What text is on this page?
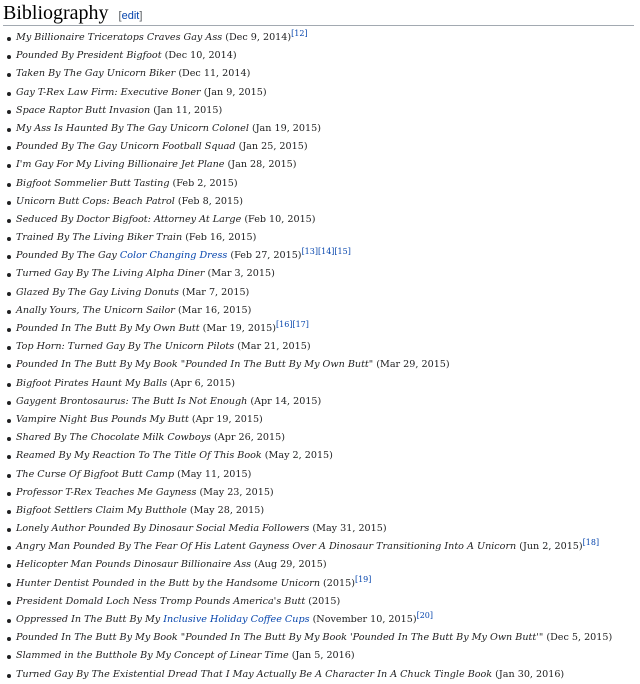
Bibliography [edit]
My Billionaire Triceratops Craves Gay Ass (Dec 9, 2014)[12]
Pounded By President Bigfoot (Dec 10, 2014)
Taken By The Gay Unicorn Biker (Dec 11, 2014)
Gay T-Rex Law Firm: Executive Boner (Jan 9, 2015)
Space Raptor Butt Invasion (Jan 11, 2015)
My Ass Is Haunted By The Gay Unicorn Colonel (Jan 19, 2015)
Pounded By The Gay Unicorn Football Squad (Jan 25, 2015)
I'm Gay For My Living Billionaire Jet Plane (Jan 28, 2015)
Bigfoot Sommelier Butt Tasting (Feb 2, 2015)
Unicorn Butt Cops: Beach Patrol (Feb 8, 2015)
Seduced By Doctor Bigfoot: Attorney At Large (Feb 10, 2015)
Trained By The Living Biker Train (Feb 16, 2015)
Pounded By The Gay Color Changing Dress (Feb 27, 2015)[13][14][15]
Turned Gay By The Living Alpha Diner (Mar 3, 2015)
Glazed By The Gay Living Donuts (Mar 7, 2015)
Anally Yours, The Unicorn Sailor (Mar 16, 2015)
Pounded In The Butt By My Own Butt (Mar 19, 2015)[16][17]
Top Horn: Turned Gay By The Unicorn Pilots (Mar 21, 2015)
Pounded In The Butt By My Book "Pounded In The Butt By My Own Butt" (Mar 29, 2015)
Bigfoot Pirates Haunt My Balls (Apr 6, 2015)
Gaygent Brontosaurus: The Butt Is Not Enough (Apr 14, 2015)
Vampire Night Bus Pounds My Butt (Apr 19, 2015)
Shared By The Chocolate Milk Cowboys (Apr 26, 2015)
Reamed By My Reaction To The Title Of This Book (May 2, 2015)
The Curse Of Bigfoot Butt Camp (May 11, 2015)
Professor T-Rex Teaches Me Gayness (May 23, 2015)
Bigfoot Settlers Claim My Butthole (May 28, 2015)
Lonely Author Pounded By Dinosaur Social Media Followers (May 31, 2015)
Angry Man Pounded By The Fear Of His Latent Gayness Over A Dinosaur Transitioning Into A Unicorn (Jun 2, 2015)[18]
Helicopter Man Pounds Dinosaur Billionaire Ass (Aug 29, 2015)
Hunter Dentist Pounded in the Butt by the Handsome Unicorn (2015)[19]
President Domald Loch Ness Tromp Pounds America's Butt (2015)
Oppressed In The Butt By My Inclusive Holiday Coffee Cups (November 10, 2015)[20]
Pounded In The Butt By My Book "Pounded In The Butt By My Book 'Pounded In The Butt By My Own Butt'" (Dec 5, 2015)
Slammed in the Butthole By My Concept of Linear Time (Jan 5, 2016)
Turned Gay By The Existential Dread That I May Actually Be A Character In A Chuck Tingle Book (Jan 30, 2016)
